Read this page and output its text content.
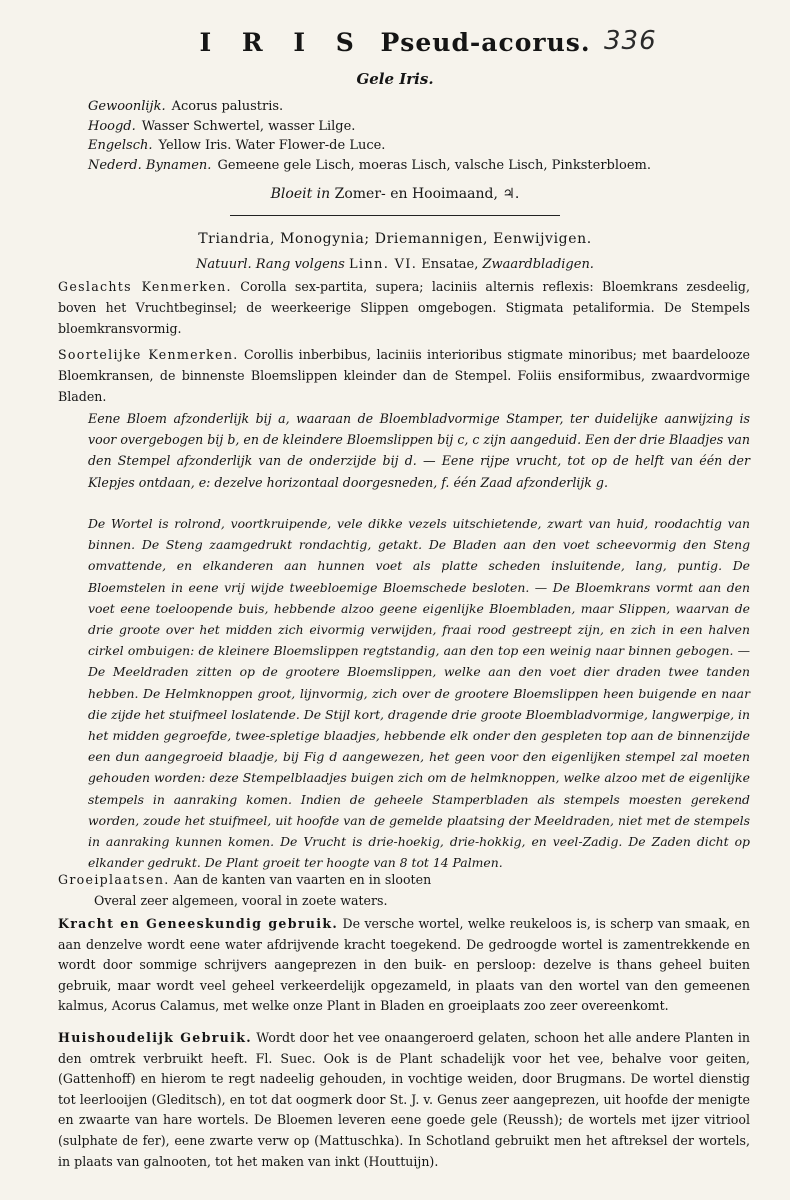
336
I R I S Pseud-acorus.
Gele Iris.
Gewoonlijk. Acorus palustris.
Hoogd. Wasser Schwertel, wasser Lilge.
Engelsch. Yellow Iris. Water Flower-de Luce.
Nederd. Bynamen. Gemeene gele Lisch, moeras Lisch, valsche Lisch, Pinksterbloem.
Bloeit in Zomer- en Hooimaand, ♃.
Triandria, Monogynia; Driemannigen, Eenwijvigen.
Natuurl. Rang volgens Linn. VI. Ensatae, Zwaardbladigen.
Geslachts Kenmerken. Corolla sex-partita, supera; laciniis alternis reflexis: Bloemkrans zesdeelig, boven het Vruchtbeginsel; de weerkeerige Slippen omgebogen. Stigmata petaliformia. De Stempels bloemkransvormig.
Soortelijke Kenmerken. Corollis inberbibus, laciniis interioribus stigmate minoribus; met baardelooze Bloemkransen, de binnenste Bloemslippen kleinder dan de Stempel. Foliis ensiformibus, zwaardvormige Bladen.
Eene Bloem afzonderlijk bij a, waaraan de Bloembladvormige Stamper, ter duidelijke aanwijzing is voor overgebogen bij b, en de kleindere Bloemslippen bij c, c zijn aangeduid. Een der drie Blaadjes van den Stempel afzonderlijk van de onderzijde bij d. — Eene rijpe vrucht, tot op de helft van één der Klepjes ontdaan, e: dezelve horizontaal doorgesneden, f. één Zaad afzonderlijk g.
De Wortel is rolrond, voortkruipende, vele dikke vezels uitschietende, zwart van huid, roodachtig van binnen. De Steng zaamgedrukt rondachtig, getakt. De Bladen aan den voet scheevormig den Steng omvattende, en elkanderen aan hunnen voet als platte scheden insluitende, lang, puntig. De Bloemstelen in eene vrij wijde tweebloemige Bloemschede besloten. — De Bloemkrans vormt aan den voet eene toeloopende buis, hebbende alzoo geene eigenlijke Bloembladen, maar Slippen, waarvan de drie groote over het midden zich eivormig verwijden, fraai rood gestreept zijn, en zich in een halven cirkel ombuigen: de kleinere Bloemslippen regtstandig, aan den top een weinig naar binnen gebogen. — De Meeldraden zitten op de grootere Bloemslippen, welke aan den voet dier draden twee tanden hebben. De Helmknoppen groot, lijnvormig, zich over de grootere Bloemslippen heen buigende en naar die zijde het stuifmeel loslatende. De Stijl kort, dragende drie groote Bloembladvormige, langwerpige, in het midden gegroefde, twee-spletige blaadjes, hebbende elk onder den gespleten top aan de binnenzijde een dun aangegroeid blaadje, bij Fig d aangewezen, het geen voor den eigenlijken stempel zal moeten gehouden worden: deze Stempelblaadjes buigen zich om de helmknoppen, welke alzoo met de eigenlijke stempels in aanraking komen. Indien de geheele Stamperbladen als stempels moesten gerekend worden, zoude het stuifmeel, uit hoofde van de gemelde plaatsing der Meeldraden, niet met de stempels in aanraking kunnen komen. De Vrucht is drie-hoekig, drie-hokkig, en veel-Zadig. De Zaden dicht op elkander gedrukt. De Plant groeit ter hoogte van 8 tot 14 Palmen.
Groeiplaatsen. Aan de kanten van vaarten en in slooten
Overal zeer algemeen, vooral in zoete waters.
Kracht en Geneeskundig gebruik. De versche wortel, welke reukeloos is, is scherp van smaak, en aan denzelve wordt eene water afdrijvende kracht toegekend. De gedroogde wortel is zamentrekkende en wordt door sommige schrijvers aangeprezen in den buik- en persloop: dezelve is thans geheel buiten gebruik, maar wordt veel geheel verkeerdelijk opgezameld, in plaats van den wortel van den gemeenen kalmus, Acorus Calamus, met welke onze Plant in Bladen en groeiplaats zoo zeer overeenkomt.
Huishoudelijk Gebruik. Wordt door het vee onaangeroerd gelaten, schoon het alle andere Planten in den omtrek verbruikt heeft. Fl. Suec. Ook is de Plant schadelijk voor het vee, behalve voor geiten, (Gattenhoff) en hierom te regt nadeelig gehouden, in vochtige weiden, door Brugmans. De wortel dienstig tot leerlooijen (Gleditsch), en tot dat oogmerk door St. J. v. Genus zeer aangeprezen, uit hoofde der menigte en zwaarte van hare wortels. De Bloemen leveren eene goede gele (Reussh); de wortels met ijzer vitriool (sulphate de fer), eene zwarte verw op (Mattuschka). In Schotland gebruikt men het aftreksel der wortels, in plaats van galnooten, tot het maken van inkt (Houttuijn).
